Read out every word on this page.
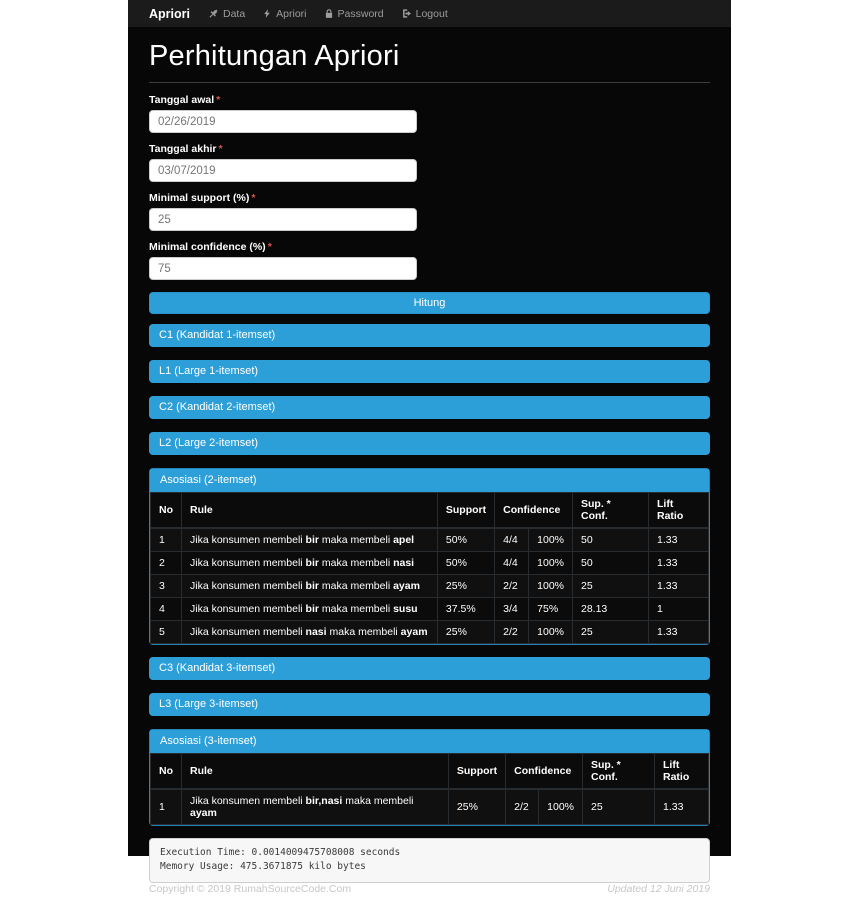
Apriori	Data	Apriori	Password	Logout
Perhitungan Apriori
Tanggal awal *
02/26/2019
Tanggal akhir *
03/07/2019
Minimal support (%) *
25
Minimal confidence (%) *
75
Hitung
C1 (Kandidat 1-itemset)
L1 (Large 1-itemset)
C2 (Kandidat 2-itemset)
L2 (Large 2-itemset)
Asosiasi (2-itemset)
No	Rule	Support	Confidence		Sup. * Conf.	Lift Ratio
1	Jika konsumen membeli bir maka membeli apel	50%	4/4	100%	50	1.33
2	Jika konsumen membeli bir maka membeli nasi	50%	4/4	100%	50	1.33
3	Jika konsumen membeli bir maka membeli ayam	25%	2/2	100%	25	1.33
4	Jika konsumen membeli bir maka membeli susu	37.5%	3/4	75%	28.13	1
5	Jika konsumen membeli nasi maka membeli ayam	25%	2/2	100%	25	1.33
C3 (Kandidat 3-itemset)
L3 (Large 3-itemset)
Asosiasi (3-itemset)
No	Rule	Support	Confidence		Sup. * Conf.	Lift Ratio
1	Jika konsumen membeli bir,nasi maka membeli ayam	25%	2/2	100%	25	1.33
Execution Time: 0.0014009475708008 seconds
Memory Usage: 475.3671875 kilo bytes
Copyright © 2019 RumahSourceCode.Com	Updated 12 Juni 2019
